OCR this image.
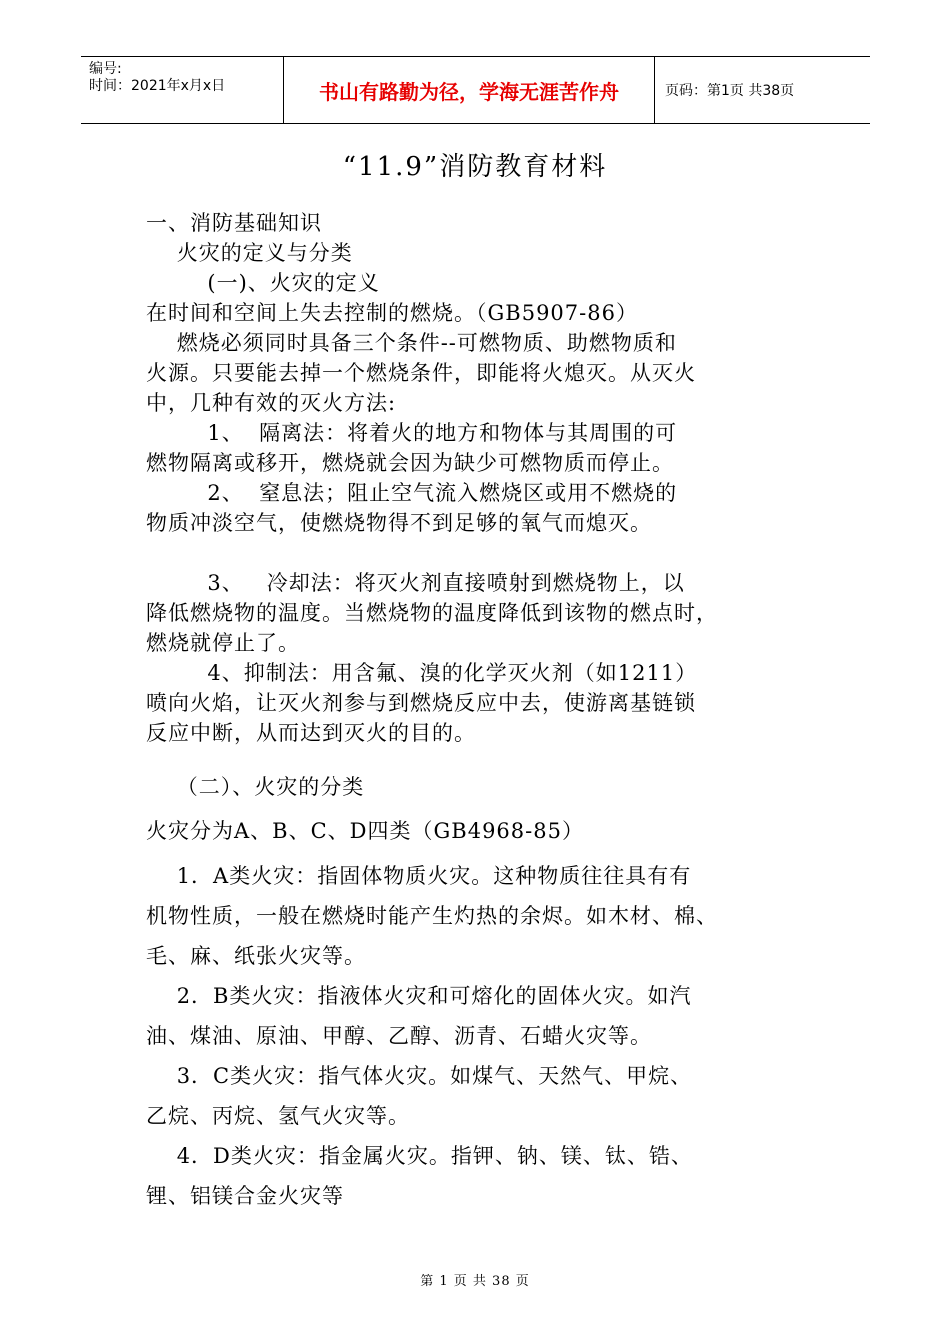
编号:
时间：2021年x月x日	书山有路勤为径，学海无涯苦作舟	页码：第1页 共38页
“11.9”消防教育材料
一、消防基础知识
火灾的定义与分类
(一)、火灾的定义
在时间和空间上失去控制的燃烧。（GB5907-86）
燃烧必须同时具备三个条件--可燃物质、助燃物质和
火源。只要能去掉一个燃烧条件，即能将火熄灭。从灭火
中，几种有效的灭火方法:
1、  隔离法：将着火的地方和物体与其周围的可
燃物隔离或移开，燃烧就会因为缺少可燃物质而停止。
2、  窒息法；阻止空气流入燃烧区或用不燃烧的
物质冲淡空气，使燃烧物得不到足够的氧气而熄灭。
3、   冷却法：将灭火剂直接喷射到燃烧物上，以
降低燃烧物的温度。当燃烧物的温度降低到该物的燃点时，
燃烧就停止了。
4、抑制法：用含氟、溴的化学灭火剂（如1211）
喷向火焰，让灭火剂参与到燃烧反应中去，使游离基链锁
反应中断，从而达到灭火的目的。
（二）、火灾的分类
火灾分为A、B、C、D四类（GB4968-85）
1．A类火灾：指固体物质火灾。这种物质往往具有有
机物性质，一般在燃烧时能产生灼热的余烬。如木材、棉、
毛、麻、纸张火灾等。
2．B类火灾：指液体火灾和可熔化的固体火灾。如汽
油、煤油、原油、甲醇、乙醇、沥青、石蜡火灾等。
3．C类火灾：指气体火灾。如煤气、天然气、甲烷、
乙烷、丙烷、氢气火灾等。
4．D类火灾：指金属火灾。指钾、钠、镁、钛、锆、
锂、铝镁合金火灾等
第 1 页 共 38 页
